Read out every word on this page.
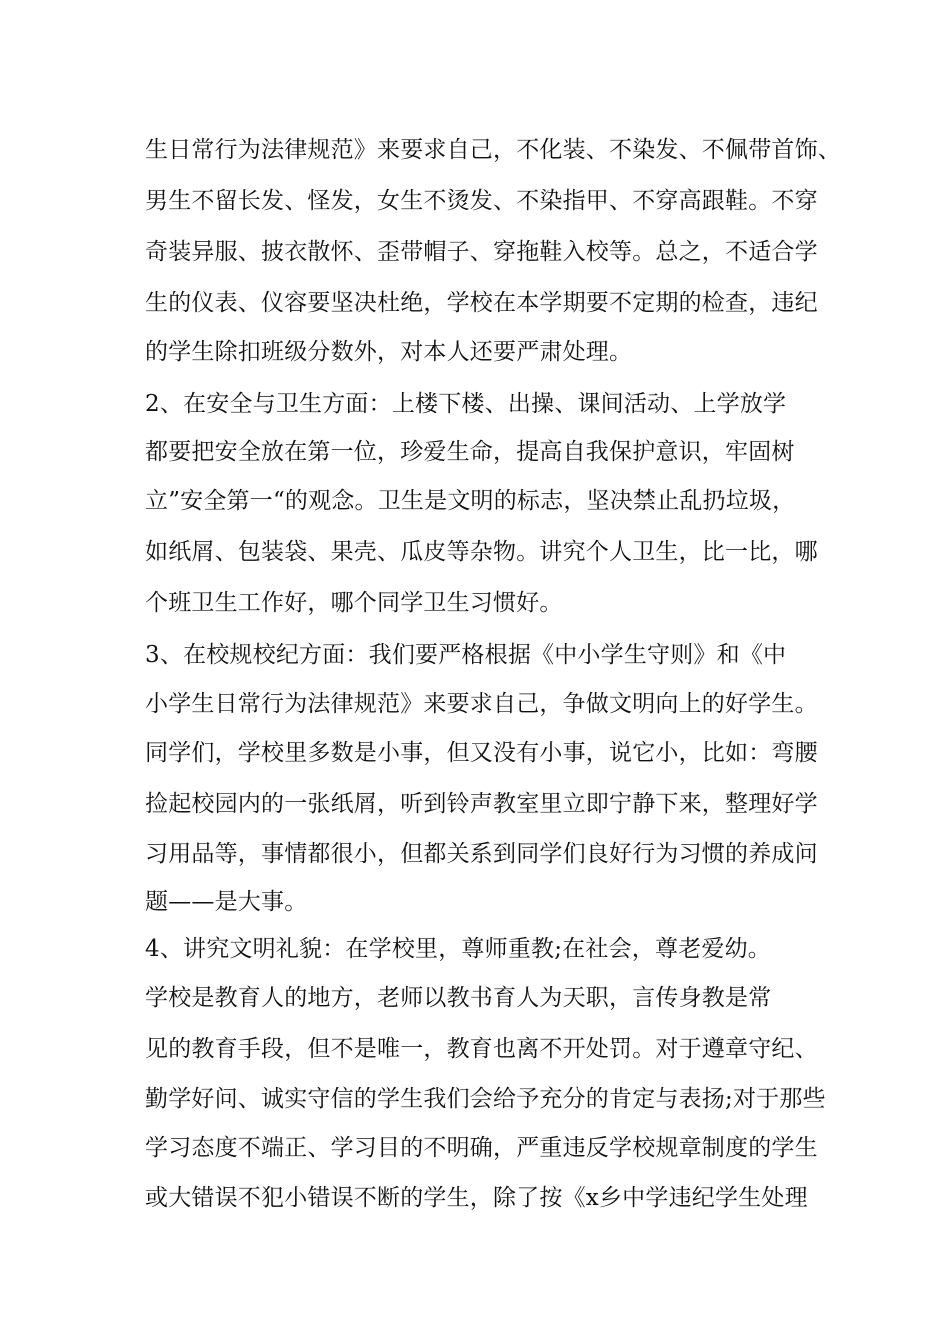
生日常行为法律规范》来要求自己，不化装、不染发、不佩带首饰、
男生不留长发、怪发，女生不烫发、不染指甲、不穿高跟鞋。不穿
奇装异服、披衣散怀、歪带帽子、穿拖鞋入校等。总之，不适合学
生的仪表、仪容要坚决杜绝，学校在本学期要不定期的检查，违纪
的学生除扣班级分数外，对本人还要严肃处理。
2、在安全与卫生方面：上楼下楼、出操、课间活动、上学放学
都要把安全放在第一位，珍爱生命，提高自我保护意识，牢固树
立”安全第一“的观念。卫生是文明的标志，坚决禁止乱扔垃圾，
如纸屑、包装袋、果壳、瓜皮等杂物。讲究个人卫生，比一比，哪
个班卫生工作好，哪个同学卫生习惯好。
3、在校规校纪方面：我们要严格根据《中小学生守则》和《中
小学生日常行为法律规范》来要求自己，争做文明向上的好学生。
同学们，学校里多数是小事，但又没有小事，说它小，比如：弯腰
捡起校园内的一张纸屑，听到铃声教室里立即宁静下来，整理好学
习用品等，事情都很小，但都关系到同学们良好行为习惯的养成问
题——是大事。
4、讲究文明礼貌：在学校里，尊师重教;在社会，尊老爱幼。
学校是教育人的地方，老师以教书育人为天职，言传身教是常
见的教育手段，但不是唯一，教育也离不开处罚。对于遵章守纪、
勤学好问、诚实守信的学生我们会给予充分的肯定与表扬;对于那些
学习态度不端正、学习目的不明确，严重违反学校规章制度的学生
或大错误不犯小错误不断的学生，除了按《x乡中学违纪学生处理
